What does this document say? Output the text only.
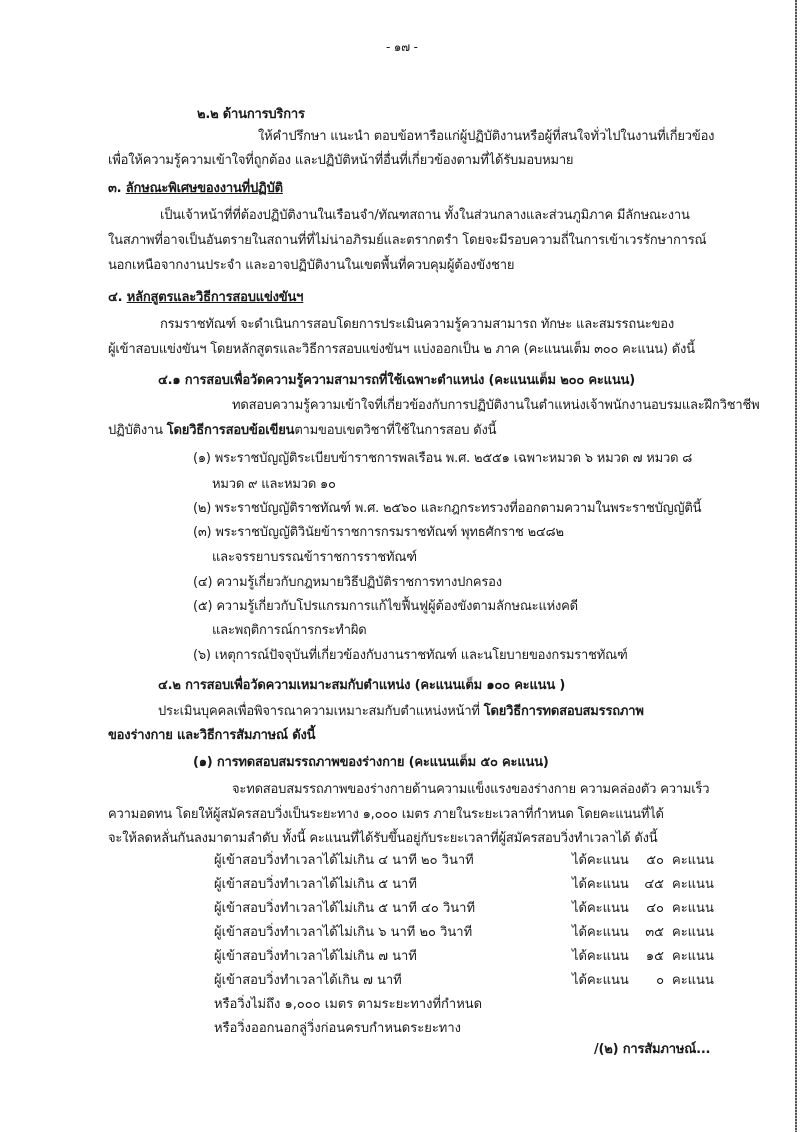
- ๑๗ -
๒.๒ ด้านการบริการ
ให้คำปรึกษา แนะนำ ตอบข้อหารือแก่ผู้ปฏิบัติงานหรือผู้ที่สนใจทั่วไปในงานที่เกี่ยวข้อง
เพื่อให้ความรู้ความเข้าใจที่ถูกต้อง และปฏิบัติหน้าที่อื่นที่เกี่ยวข้องตามที่ได้รับมอบหมาย
๓. ลักษณะพิเศษของงานที่ปฏิบัติ
เป็นเจ้าหน้าที่ที่ต้องปฏิบัติงานในเรือนจำ/ทัณฑสถาน ทั้งในส่วนกลางและส่วนภูมิภาค มีลักษณะงาน
ในสภาพที่อาจเป็นอันตรายในสถานที่ที่ไม่น่าอภิรมย์และตรากตรำ โดยจะมีรอบความถี่ในการเข้าเวรรักษาการณ์
นอกเหนือจากงานประจำ และอาจปฏิบัติงานในเขตพื้นที่ควบคุมผู้ต้องขังชาย
๔. หลักสูตรและวิธีการสอบแข่งขันฯ
กรมราชทัณฑ์ จะดำเนินการสอบโดยการประเมินความรู้ความสามารถ ทักษะ และสมรรถนะของ
ผู้เข้าสอบแข่งขันฯ โดยหลักสูตรและวิธีการสอบแข่งขันฯ แบ่งออกเป็น ๒ ภาค (คะแนนเต็ม ๓๐๐ คะแนน) ดังนี้
๔.๑ การสอบเพื่อวัดความรู้ความสามารถที่ใช้เฉพาะตำแหน่ง (คะแนนเต็ม ๒๐๐ คะแนน)
ทดสอบความรู้ความเข้าใจที่เกี่ยวข้องกับการปฏิบัติงานในตำแหน่งเจ้าพนักงานอบรมและฝึกวิชาชีพ
ปฏิบัติงาน โดยวิธีการสอบข้อเขียนตามขอบเขตวิชาที่ใช้ในการสอบ ดังนี้
(๑) พระราชบัญญัติระเบียบข้าราชการพลเรือน พ.ศ. ๒๕๕๑ เฉพาะหมวด ๖ หมวด ๗ หมวด ๘
หมวด ๙ และหมวด ๑๐
(๒) พระราชบัญญัติราชทัณฑ์ พ.ศ. ๒๕๖๐ และกฎกระทรวงที่ออกตามความในพระราชบัญญัตินี้
(๓) พระราชบัญญัติวินัยข้าราชการกรมราชทัณฑ์ พุทธศักราช ๒๔๘๒
และจรรยาบรรณข้าราชการราชทัณฑ์
(๔) ความรู้เกี่ยวกับกฎหมายวิธีปฏิบัติราชการทางปกครอง
(๕) ความรู้เกี่ยวกับโปรแกรมการแก้ไขฟื้นฟูผู้ต้องขังตามลักษณะแห่งคดี
และพฤติการณ์การกระทำผิด
(๖) เหตุการณ์ปัจจุบันที่เกี่ยวข้องกับงานราชทัณฑ์ และนโยบายของกรมราชทัณฑ์
๔.๒ การสอบเพื่อวัดความเหมาะสมกับตำแหน่ง (คะแนนเต็ม ๑๐๐ คะแนน )
ประเมินบุคคลเพื่อพิจารณาความเหมาะสมกับตำแหน่งหน้าที่ โดยวิธีการทดสอบสมรรถภาพ
ของร่างกาย และวิธีการสัมภาษณ์ ดังนี้
(๑) การทดสอบสมรรถภาพของร่างกาย (คะแนนเต็ม ๕๐ คะแนน)
จะทดสอบสมรรถภาพของร่างกายด้านความแข็งแรงของร่างกาย ความคล่องตัว ความเร็ว
ความอดทน โดยให้ผู้สมัครสอบวิ่งเป็นระยะทาง ๑,๐๐๐ เมตร ภายในระยะเวลาที่กำหนด โดยคะแนนที่ได้
จะให้ลดหลั่นกันลงมาตามลำดับ ทั้งนี้ คะแนนที่ได้รับขึ้นอยู่กับระยะเวลาที่ผู้สมัครสอบวิ่งทำเวลาได้ ดังนี้
ผู้เข้าสอบวิ่งทำเวลาได้ไม่เกิน ๔ นาที ๒๐ วินาที	ได้คะแนน	๕๐ คะแนน
ผู้เข้าสอบวิ่งทำเวลาได้ไม่เกิน ๕ นาที	ได้คะแนน	๔๕ คะแนน
ผู้เข้าสอบวิ่งทำเวลาได้ไม่เกิน ๕ นาที ๔๐ วินาที	ได้คะแนน	๔๐ คะแนน
ผู้เข้าสอบวิ่งทำเวลาได้ไม่เกิน ๖ นาที ๒๐ วินาที	ได้คะแนน	๓๕ คะแนน
ผู้เข้าสอบวิ่งทำเวลาได้ไม่เกิน ๗ นาที	ได้คะแนน	๑๕ คะแนน
ผู้เข้าสอบวิ่งทำเวลาได้เกิน ๗ นาที	ได้คะแนน	๐ คะแนน
หรือวิ่งไม่ถึง ๑,๐๐๐ เมตร ตามระยะทางที่กำหนด
หรือวิ่งออกนอกลู่วิ่งก่อนครบกำหนดระยะทาง
/(๒) การสัมภาษณ์...
